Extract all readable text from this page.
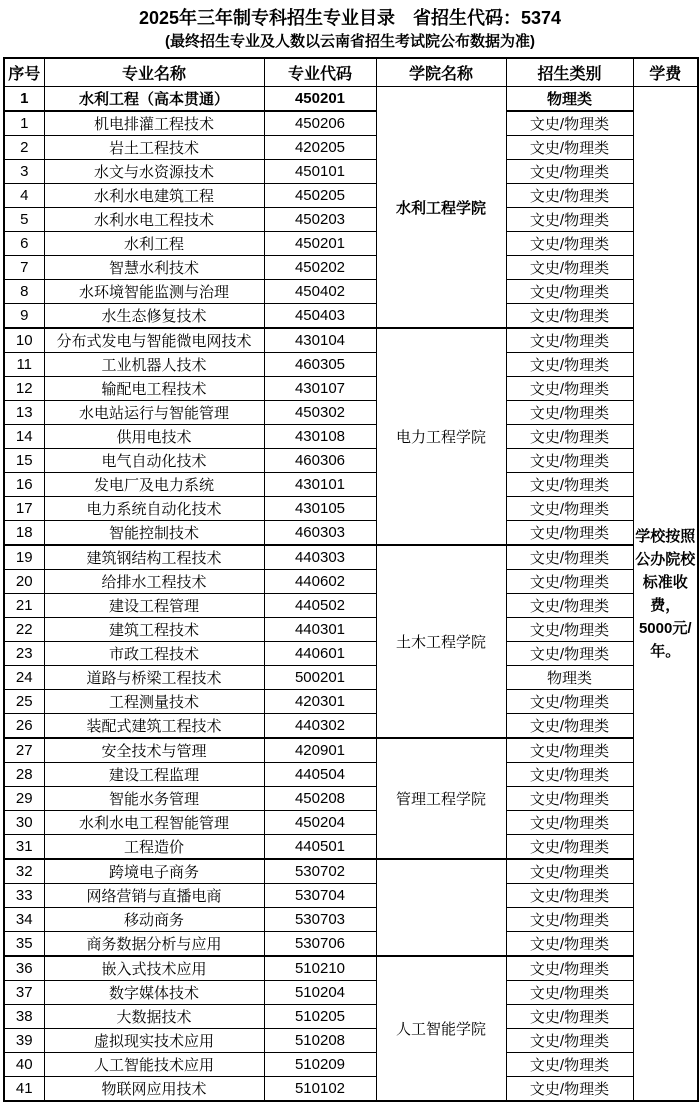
2025年三年制专科招生专业目录　省招生代码：5374
(最终招生专业及人数以云南省招生考试院公布数据为准)
序号	专业名称	专业代码	学院名称	招生类别	学费
1	水利工程（高本贯通）	450201	水利工程学院	物理类	
学校按照
公办院校
标准收
费，
5000元/
年。

1	机电排灌工程技术	450206		文史/物理类	
2	岩土工程技术	420205		文史/物理类	
3	水文与水资源技术	450101		文史/物理类	
4	水利水电建筑工程	450205		文史/物理类	
5	水利水电工程技术	450203		文史/物理类	
6	水利工程	450201		文史/物理类	
7	智慧水利技术	450202		文史/物理类	
8	水环境智能监测与治理	450402		文史/物理类	
9	水生态修复技术	450403		文史/物理类	
10	分布式发电与智能微电网技术	430104	电力工程学院	文史/物理类	
11	工业机器人技术	460305		文史/物理类	
12	输配电工程技术	430107		文史/物理类	
13	水电站运行与智能管理	450302		文史/物理类	
14	供用电技术	430108		文史/物理类	
15	电气自动化技术	460306		文史/物理类	
16	发电厂及电力系统	430101		文史/物理类	
17	电力系统自动化技术	430105		文史/物理类	
18	智能控制技术	460303		文史/物理类	
19	建筑钢结构工程技术	440303	土木工程学院	文史/物理类	
20	给排水工程技术	440602		文史/物理类	
21	建设工程管理	440502		文史/物理类	
22	建筑工程技术	440301		文史/物理类	
23	市政工程技术	440601		文史/物理类	
24	道路与桥梁工程技术	500201		物理类	
25	工程测量技术	420301		文史/物理类	
26	装配式建筑工程技术	440302		文史/物理类	
27	安全技术与管理	420901	管理工程学院	文史/物理类	
28	建设工程监理	440504		文史/物理类	
29	智能水务管理	450208		文史/物理类	
30	水利水电工程智能管理	450204		文史/物理类	
31	工程造价	440501		文史/物理类	
32	跨境电子商务	530702		文史/物理类	
33	网络营销与直播电商	530704		文史/物理类	
34	移动商务	530703		文史/物理类	
35	商务数据分析与应用	530706		文史/物理类	
36	嵌入式技术应用	510210	人工智能学院	文史/物理类	
37	数字媒体技术	510204		文史/物理类	
38	大数据技术	510205		文史/物理类	
39	虚拟现实技术应用	510208		文史/物理类	
40	人工智能技术应用	510209		文史/物理类	
41	物联网应用技术	510102		文史/物理类	
